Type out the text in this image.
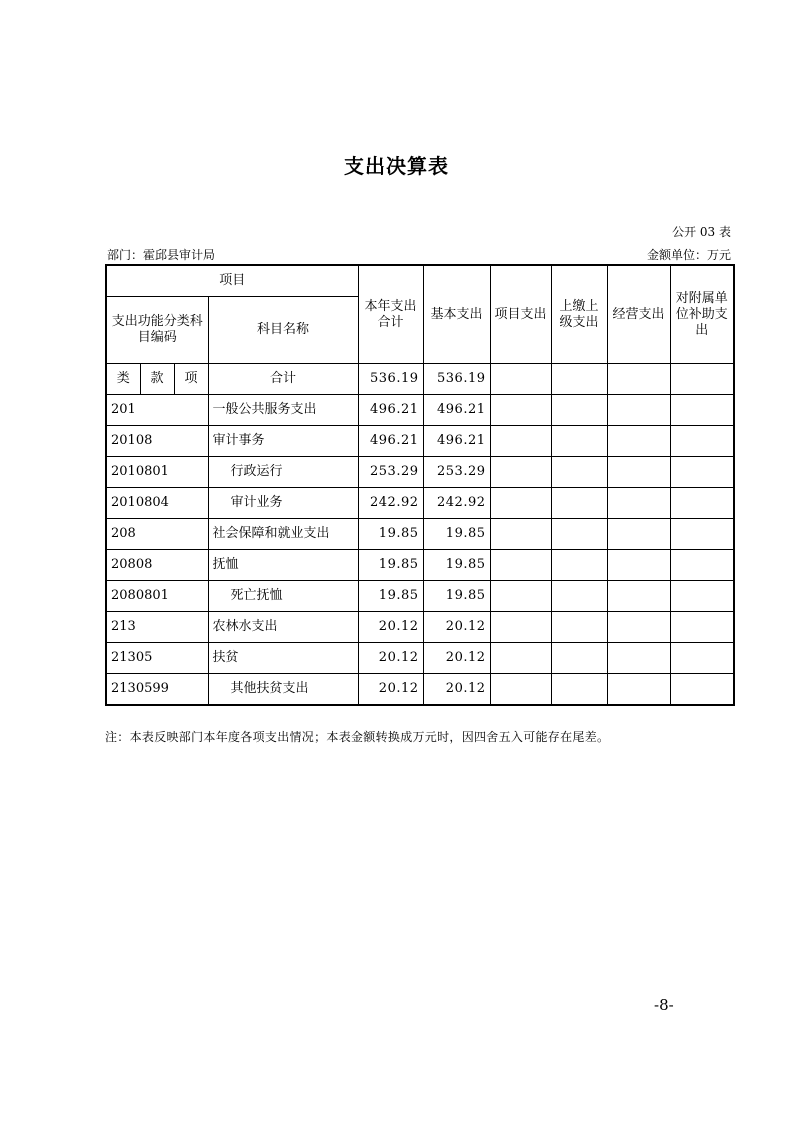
支出决算表
公开 03 表
部门：霍邱县审计局	金额单位：万元
项目				本年支出合计	基本支出	项目支出	上缴上级支出	经营支出	对附属单位补助支出
支出功能分类科目编码			科目名称						
类	款	项	合计	536.19	536.19				
201			一般公共服务支出	496.21	496.21				
20108			审计事务	496.21	496.21				
2010801			行政运行	253.29	253.29				
2010804			审计业务	242.92	242.92				
208			社会保障和就业支出	19.85	19.85				
20808			抚恤	19.85	19.85				
2080801			死亡抚恤	19.85	19.85				
213			农林水支出	20.12	20.12				
21305			扶贫	20.12	20.12				
2130599			其他扶贫支出	20.12	20.12				
注：本表反映部门本年度各项支出情况；本表金额转换成万元时，因四舍五入可能存在尾差。
-8-
